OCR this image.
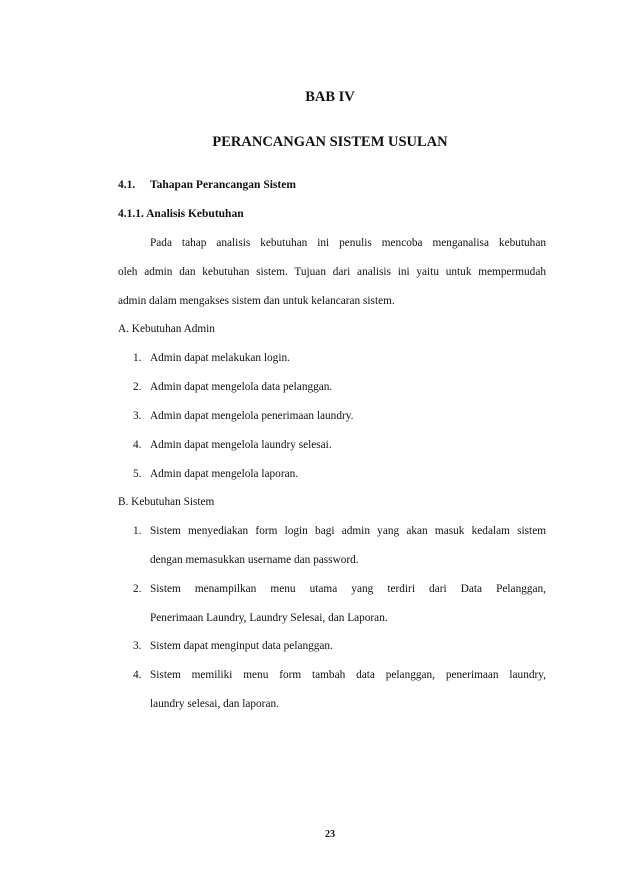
BAB IV
PERANCANGAN SISTEM USULAN
4.1. Tahapan Perancangan Sistem
4.1.1. Analisis Kebutuhan
Pada tahap analisis kebutuhan ini penulis mencoba menganalisa kebutuhan
oleh admin dan kebutuhan sistem. Tujuan dari analisis ini yaitu untuk mempermudah
admin dalam mengakses sistem dan untuk kelancaran sistem.
A. Kebutuhan Admin
1. Admin dapat melakukan login.
2. Admin dapat mengelola data pelanggan.
3. Admin dapat mengelola penerimaan laundry.
4. Admin dapat mengelola laundry selesai.
5. Admin dapat mengelola laporan.
B. Kebutuhan Sistem
1. Sistem menyediakan form login bagi admin yang akan masuk kedalam sistem
dengan memasukkan username dan password.
2. Sistem menampilkan menu utama yang terdiri dari Data Pelanggan,
Penerimaan Laundry, Laundry Selesai, dan Laporan.
3. Sistem dapat menginput data pelanggan.
4. Sistem memiliki menu form tambah data pelanggan, penerimaan laundry,
laundry selesai, dan laporan.
23
